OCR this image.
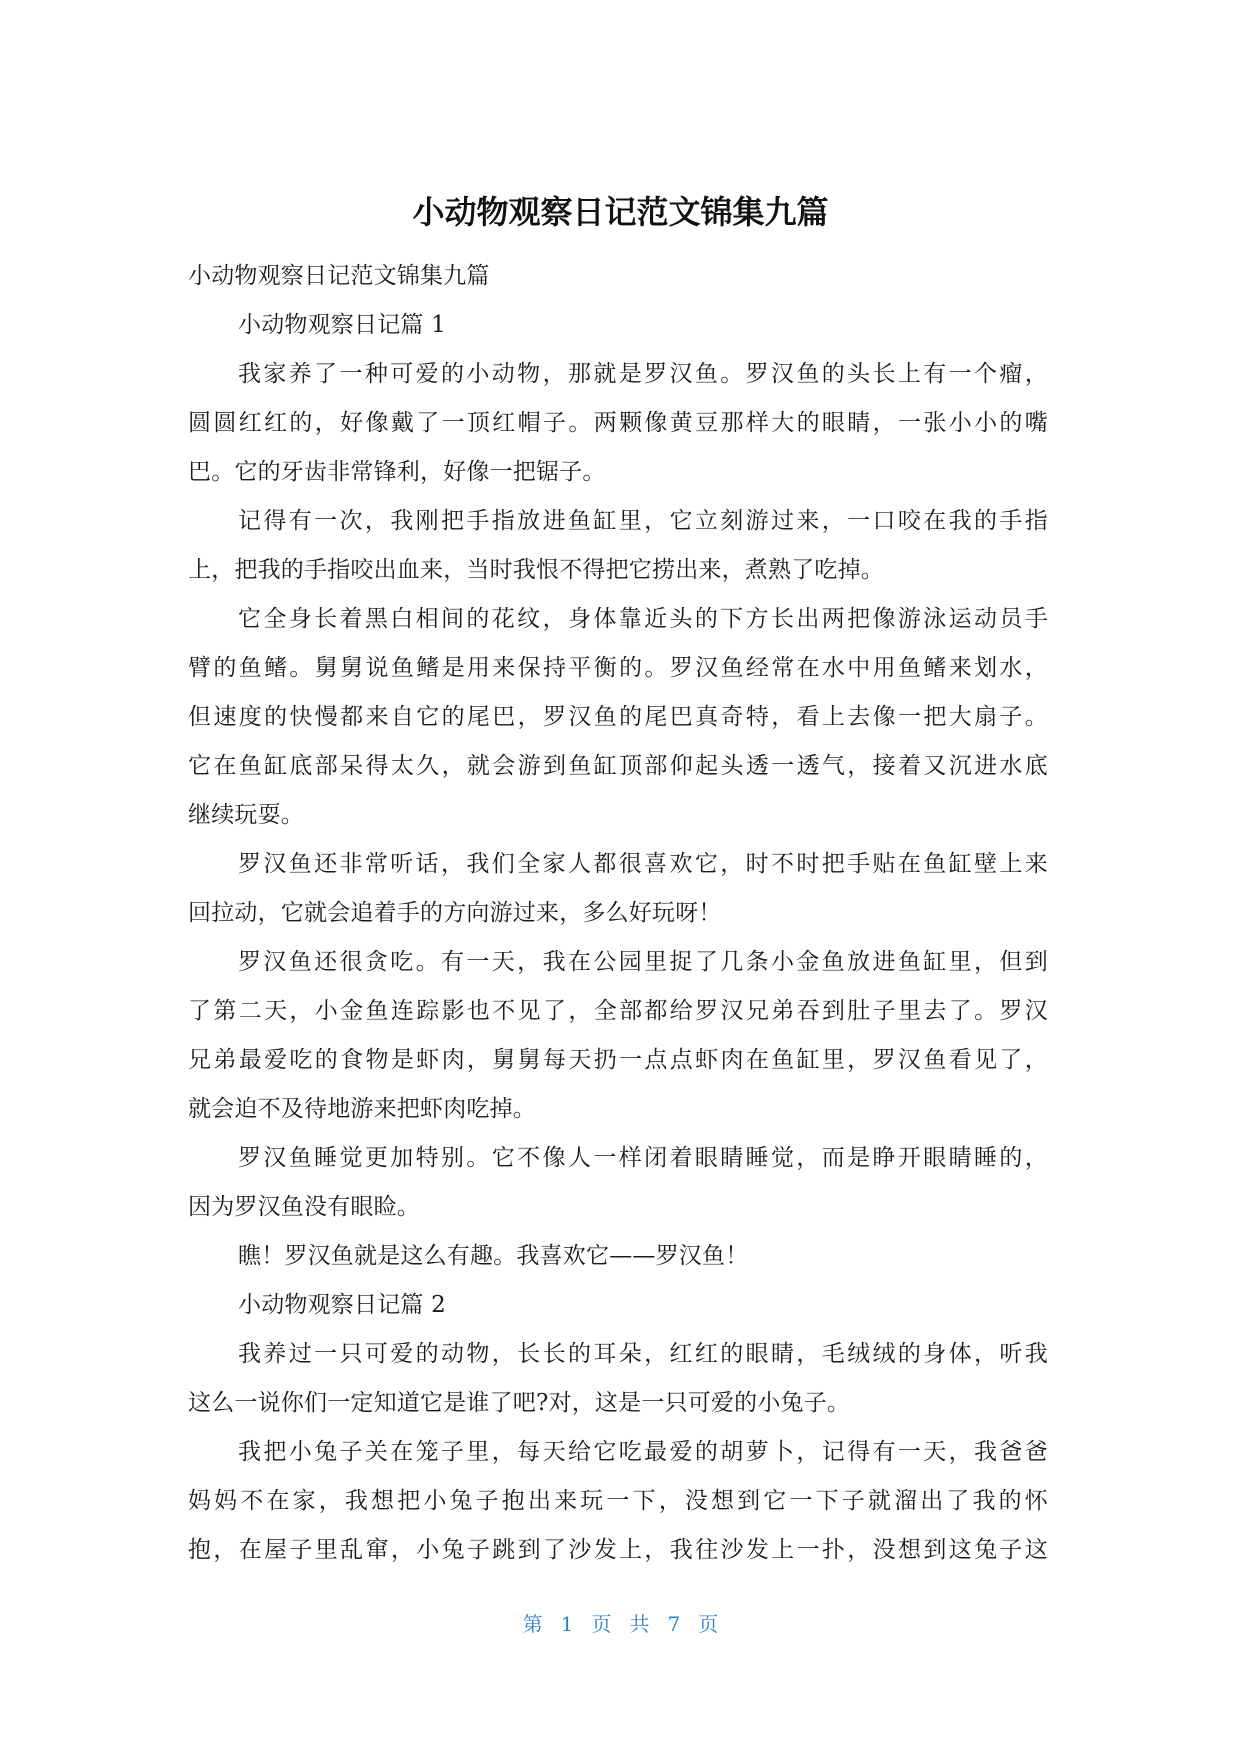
小动物观察日记范文锦集九篇
小动物观察日记范文锦集九篇
小动物观察日记篇 1
我家养了一种可爱的小动物，那就是罗汉鱼。罗汉鱼的头长上有一个瘤，
圆圆红红的，好像戴了一顶红帽子。两颗像黄豆那样大的眼睛，一张小小的嘴
巴。它的牙齿非常锋利，好像一把锯子。
记得有一次，我刚把手指放进鱼缸里，它立刻游过来，一口咬在我的手指
上，把我的手指咬出血来，当时我恨不得把它捞出来，煮熟了吃掉。
它全身长着黑白相间的花纹，身体靠近头的下方长出两把像游泳运动员手
臂的鱼鳍。舅舅说鱼鳍是用来保持平衡的。罗汉鱼经常在水中用鱼鳍来划水，
但速度的快慢都来自它的尾巴，罗汉鱼的尾巴真奇特，看上去像一把大扇子。
它在鱼缸底部呆得太久，就会游到鱼缸顶部仰起头透一透气，接着又沉进水底
继续玩耍。
罗汉鱼还非常听话，我们全家人都很喜欢它，时不时把手贴在鱼缸壁上来
回拉动，它就会追着手的方向游过来，多么好玩呀！
罗汉鱼还很贪吃。有一天，我在公园里捉了几条小金鱼放进鱼缸里，但到
了第二天，小金鱼连踪影也不见了，全部都给罗汉兄弟吞到肚子里去了。罗汉
兄弟最爱吃的食物是虾肉，舅舅每天扔一点点虾肉在鱼缸里，罗汉鱼看见了，
就会迫不及待地游来把虾肉吃掉。
罗汉鱼睡觉更加特别。它不像人一样闭着眼睛睡觉，而是睁开眼睛睡的，
因为罗汉鱼没有眼睑。
瞧！罗汉鱼就是这么有趣。我喜欢它——罗汉鱼！
小动物观察日记篇 2
我养过一只可爱的动物，长长的耳朵，红红的眼睛，毛绒绒的身体，听我
这么一说你们一定知道它是谁了吧?对，这是一只可爱的小兔子。
我把小兔子关在笼子里，每天给它吃最爱的胡萝卜，记得有一天，我爸爸
妈妈不在家，我想把小兔子抱出来玩一下，没想到它一下子就溜出了我的怀
抱，在屋子里乱窜，小兔子跳到了沙发上，我往沙发上一扑，没想到这兔子这
第 1 页 共 7 页
